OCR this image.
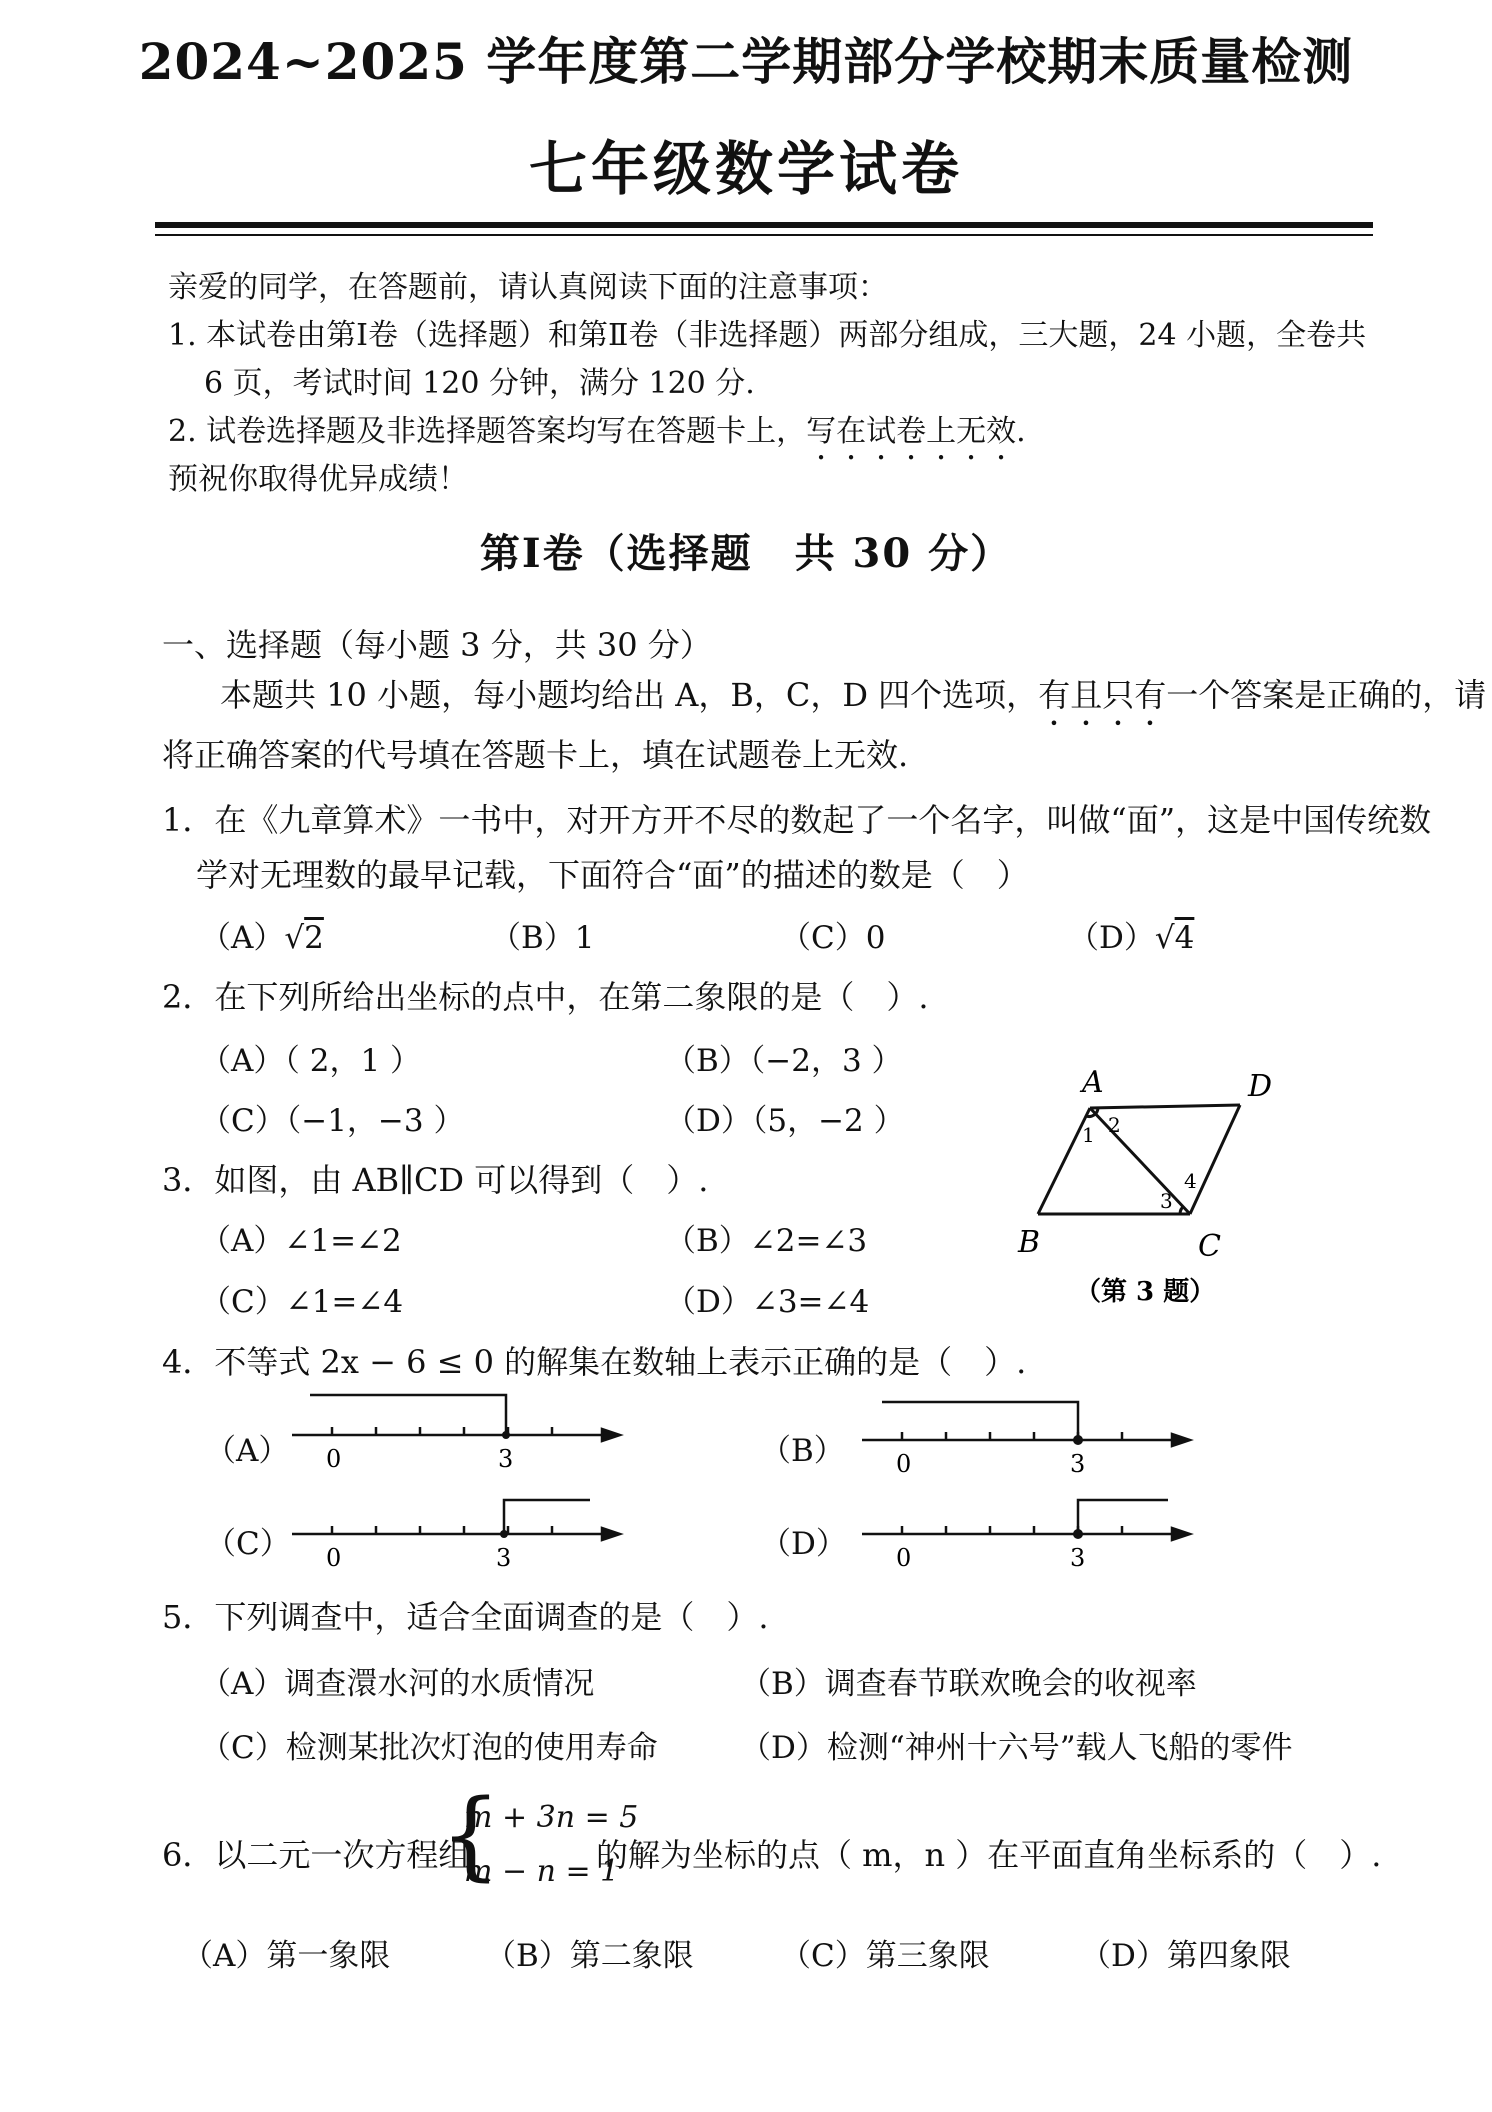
2024~2025 学年度第二学期部分学校期末质量检测
七年级数学试卷
亲爱的同学，在答题前，请认真阅读下面的注意事项：
1. 本试卷由第Ⅰ卷（选择题）和第Ⅱ卷（非选择题）两部分组成，三大题，24 小题，全卷共
6 页，考试时间 120 分钟，满分 120 分.
2. 试卷选择题及非选择题答案均写在答题卡上，写在试卷上无效.
预祝你取得优异成绩！
第Ⅰ卷（选择题　共 30 分）
一、选择题（每小题 3 分，共 30 分）
本题共 10 小题，每小题均给出 A，B，C，D 四个选项，有且只有一个答案是正确的，请
将正确答案的代号填在答题卡上，填在试题卷上无效.
1．在《九章算术》一书中，对开方开不尽的数起了一个名字，叫做“面”，这是中国传统数
学对无理数的最早记载，下面符合“面”的描述的数是（　）
（A）√2	（B）1	（C）0	（D）√4
2．在下列所给出坐标的点中，在第二象限的是（　）.
（A）（ 2，1 ）	（B）（−2，3 ）
（C）（−1，−3 ）	（D）（5，−2 ）
3．如图，由 AB∥CD 可以得到（　）.
（A）∠1=∠2	（B）∠2=∠3
（C）∠1=∠4	（D）∠3=∠4
A	D
B	C
1 2
3
4
（第 3 题）
4．不等式 2x − 6 ≤ 0 的解集在数轴上表示正确的是（　）.
（A） 0	3	（B） 0	3
（C） 0	3	（D） 0	3
5．下列调查中，适合全面调查的是（　）.
（A）调查澴水河的水质情况	（B）调查春节联欢晚会的收视率
（C）检测某批次灯泡的使用寿命	（D）检测“神州十六号”载人飞船的零件
6．以二元一次方程组
{
m + 3n = 5
m − n = 1
的解为坐标的点（ m，n ）在平面直角坐标系的（　）.
（A）第一象限	（B）第二象限	（C）第三象限	（D）第四象限
